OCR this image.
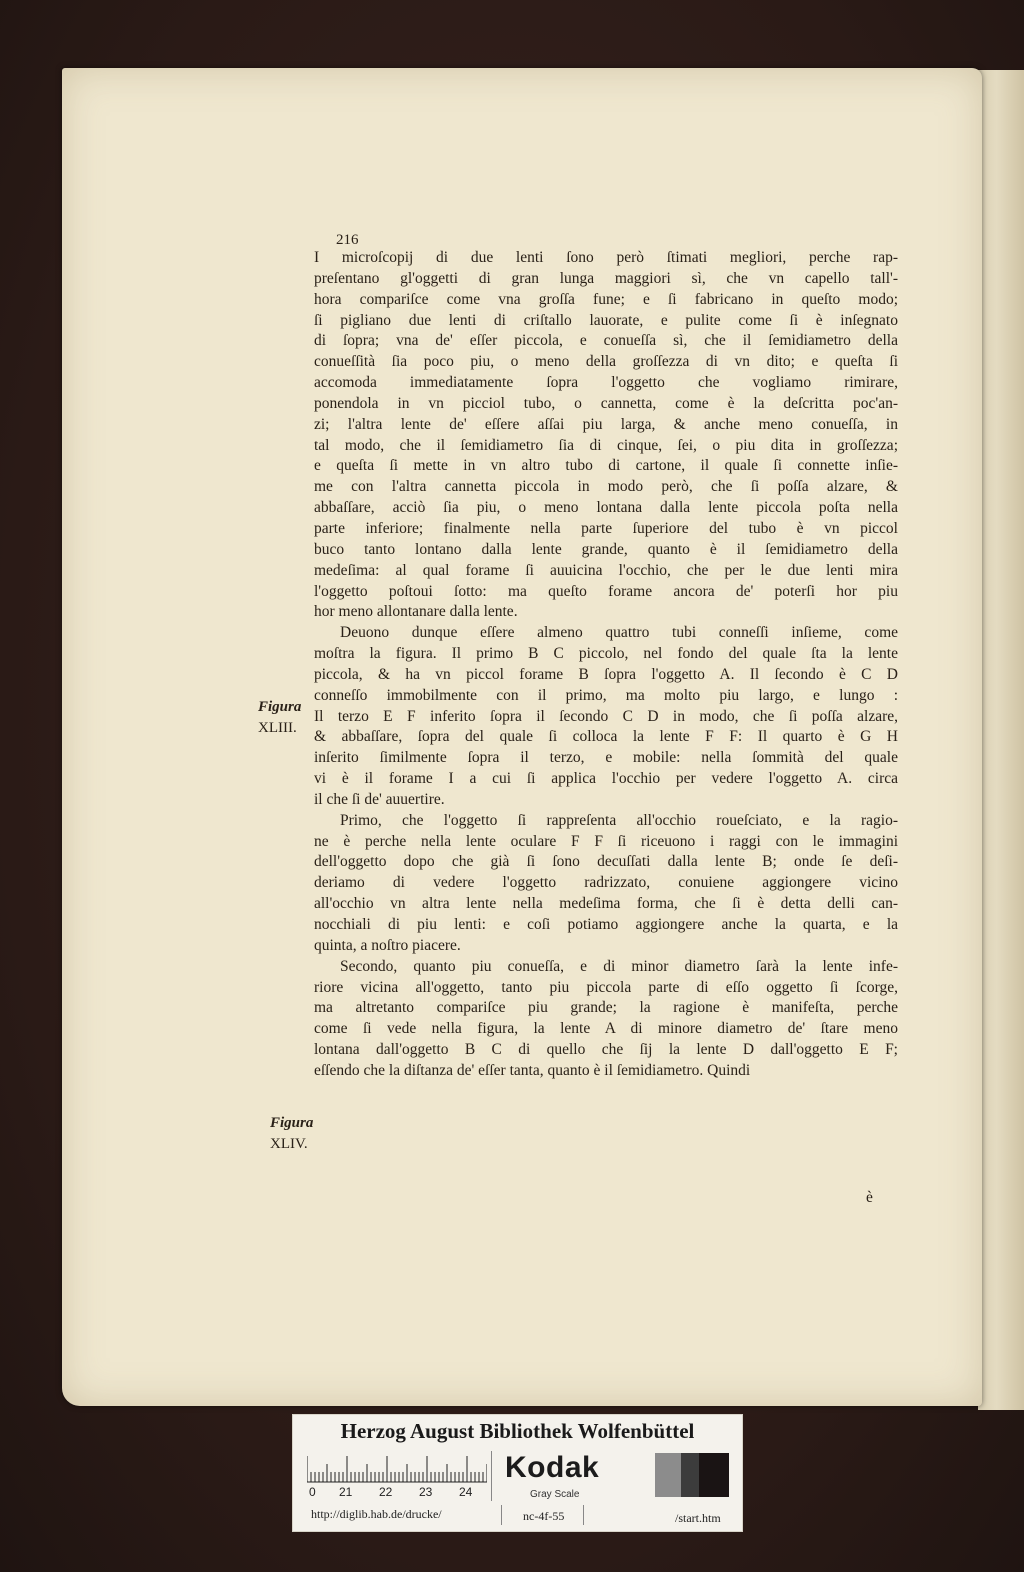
216
I microſcopij di due lenti ſono però ſtimati megliori, perche rap-
preſentano gl'oggetti di gran lunga maggiori sì, che vn capello tall'-
hora compariſce come vna groſſa fune; e ſi fabricano in queſto modo;
ſi pigliano due lenti di criſtallo lauorate, e pulite come ſi è inſegnato
di ſopra; vna de' eſſer piccola, e conueſſa sì, che il ſemidiametro della
conueſſità ſia poco piu, o meno della groſſezza di vn dito; e queſta ſi
accomoda immediatamente ſopra l'oggetto che vogliamo rimirare,
ponendola in vn picciol tubo, o cannetta, come è la deſcritta poc'an-
zi; l'altra lente de' eſſere aſſai piu larga, & anche meno conueſſa, in
tal modo, che il ſemidiametro ſia di cinque, ſei, o piu dita in groſſezza;
e queſta ſi mette in vn altro tubo di cartone, il quale ſi connette inſie-
me con l'altra cannetta piccola in modo però, che ſi poſſa alzare, &
abbaſſare, acciò ſia piu, o meno lontana dalla lente piccola poſta nella
parte inferiore; finalmente nella parte ſuperiore del tubo è vn piccol
buco tanto lontano dalla lente grande, quanto è il ſemidiametro della
medeſima: al qual forame ſi auuicina l'occhio, che per le due lenti mira
l'oggetto poſtoui ſotto: ma queſto forame ancora de' poterſi hor piu
hor meno allontanare dalla lente.
Deuono dunque eſſere almeno quattro tubi conneſſi inſieme, come
moſtra la figura. Il primo B C piccolo, nel fondo del quale ſta la lente
piccola, & ha vn piccol forame B ſopra l'oggetto A. Il ſecondo è C D
conneſſo immobilmente con il primo, ma molto piu largo, e lungo :
Il terzo E F inferito ſopra il ſecondo C D in modo, che ſi poſſa alzare,
& abbaſſare, ſopra del quale ſi colloca la lente F F: Il quarto è G H
inſerito ſimilmente ſopra il terzo, e mobile: nella ſommità del quale
vi è il forame I a cui ſi applica l'occhio per vedere l'oggetto A. circa
il che ſi de' auuertire.
Primo, che l'oggetto ſi rappreſenta all'occhio roueſciato, e la ragio-
ne è perche nella lente oculare F F ſi riceuono i raggi con le immagini
dell'oggetto dopo che già ſi ſono decuſſati dalla lente B; onde ſe deſi-
deriamo di vedere l'oggetto radrizzato, conuiene aggiongere vicino
all'occhio vn altra lente nella medeſima forma, che ſi è detta delli can-
nocchiali di piu lenti: e coſi potiamo aggiongere anche la quarta, e la
quinta, a noſtro piacere.
Secondo, quanto piu conueſſa, e di minor diametro ſarà la lente infe-
riore vicina all'oggetto, tanto piu piccola parte di eſſo oggetto ſi ſcorge,
ma altretanto compariſce piu grande; la ragione è manifeſta, perche
come ſi vede nella figura, la lente A di minore diametro de' ſtare meno
lontana dall'oggetto B C di quello che ſij la lente D dall'oggetto E F;
eſſendo che la diſtanza de' eſſer tanta, quanto è il ſemidiametro. Quindi
Figura
XLIII.
Figura
XLIV.
è
Herzog August Bibliothek Wolfenbüttel
0 21 22 23 24
Kodak
Gray Scale
http://diglib.hab.de/drucke/	nc-4f-55	/start.htm
